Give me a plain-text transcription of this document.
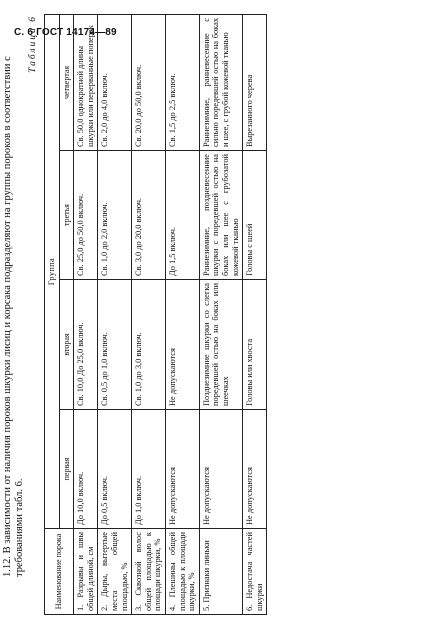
С. 6 ГОСТ 14174—89
1.12. В зависимости от наличия пороков шкурки лисиц и корсака подразделяют на группы пороков в соответствии с требованиями табл. 6.
Таблица 6
Наименование порока	Группа			
	первая	вторая	третья	четвертая
1. Разрывы и швы общей длиной, см	До 10,0 включ.	Св. 10,0 До 25,0 включ.	Св. 25,0 до 50,0 включ.	Св. 50,0 однократной длины шкурки или перерванные поперек
2. Дыры, вытертые места общей площадью, %	До 0,5 включ.	Св. 0,5 до 1,0 включ.	Св. 1,0 до 2,0 включ.	Св. 2,0 до 4,0 включ.
3. Сквозной волос общей площадью к площади шкурки, %	До 1,0 включ.	Св. 1,0 до 3,0 включ.	Св. 3,0 до 20,0 включ.	Св. 20,0 до 50,0 включ.
4. Плешины общей площадью к площади шкурки, %	Не допускаются	Не допускаются	До 1,5 включ.	Св. 1,5 до 2,5 включ.
5. Признаки линьки	Не допускаются	Позднезимние шкурки со слегка поредевшей остью на боках или шеечках	Раннезимние, поздневесенние шкурки с поредевшей остью на боках или шее с грубозатой кожевой тканью	Раннезимние, ранневесенние с сильно поредевшей остью на боках и шее, с грубой кожевой тканью
6. Недостача частей шкурки	Не допускаются	Головы или хвоста	Головы с шеей	Вырезанного черева
